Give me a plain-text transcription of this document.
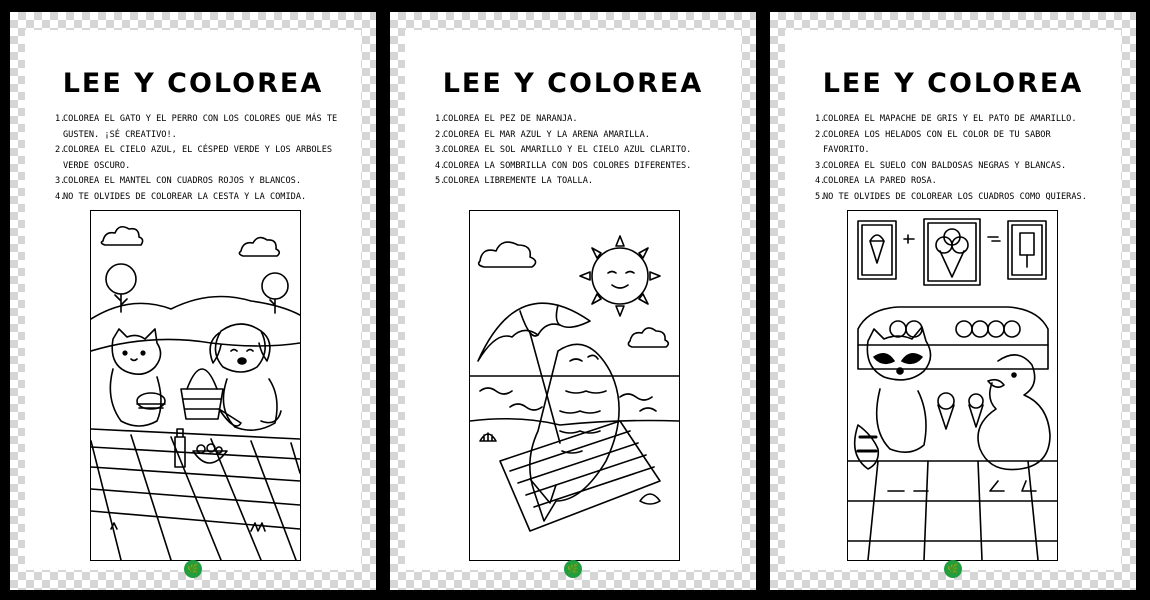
LEE Y COLOREA
1.
COLOREA EL GATO Y EL PERRO CON LOS COLORES QUE MÁS TE GUSTEN. ¡SÉ CREATIVO!.
2.
COLOREA EL CIELO AZUL, EL CÉSPED VERDE Y LOS ARBOLES VERDE OSCURO.
3.
COLOREA EL MANTEL CON CUADROS ROJOS Y BLANCOS.
4.
NO TE OLVIDES DE COLOREAR LA CESTA Y LA COMIDA.
🌿
LEE Y COLOREA
1.
COLOREA EL PEZ DE NARANJA.
2.
COLOREA EL MAR AZUL Y LA ARENA AMARILLA.
3.
COLOREA EL SOL AMARILLO Y EL CIELO AZUL CLARITO.
4.
COLOREA LA SOMBRILLA CON DOS COLORES DIFERENTES.
5.
COLOREA LIBREMENTE LA TOALLA.
🌿
LEE Y COLOREA
1.
COLOREA EL MAPACHE DE GRIS Y EL PATO DE AMARILLO.
2.
COLOREA LOS HELADOS CON EL COLOR DE TU SABOR FAVORITO.
3.
COLOREA EL SUELO CON BALDOSAS NEGRAS Y BLANCAS.
4.
COLOREA LA PARED ROSA.
5.
NO TE OLVIDES DE COLOREAR LOS CUADROS COMO QUIERAS.
🌿
